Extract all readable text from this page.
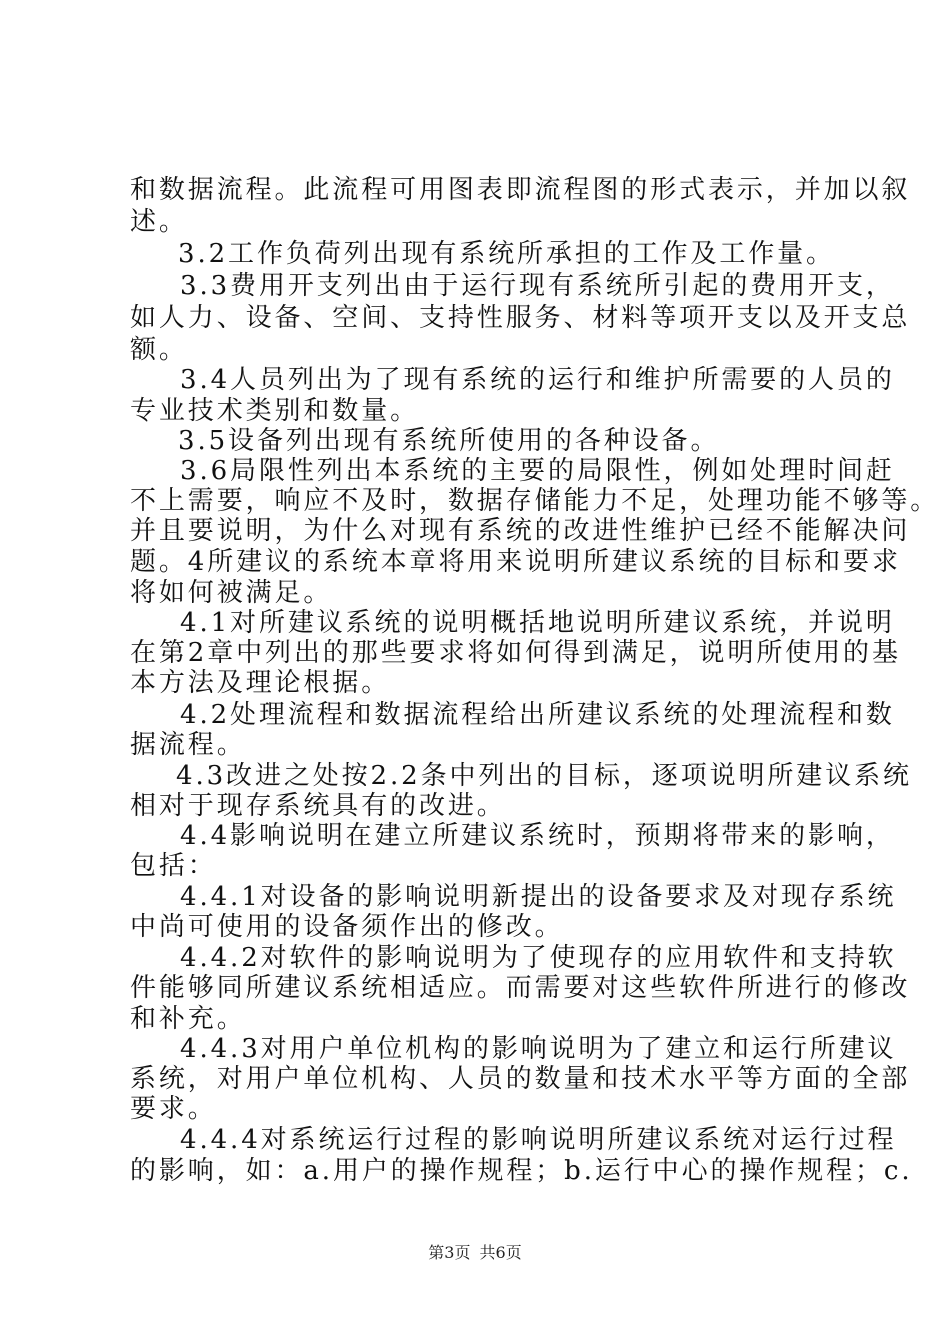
和数据流程。此流程可用图表即流程图的形式表示，并加以叙
述。
3.2工作负荷列出现有系统所承担的工作及工作量。
3.3费用开支列出由于运行现有系统所引起的费用开支，
如人力、设备、空间、支持性服务、材料等项开支以及开支总
额。
3.4人员列出为了现有系统的运行和维护所需要的人员的
专业技术类别和数量。
3.5设备列出现有系统所使用的各种设备。
3.6局限性列出本系统的主要的局限性，例如处理时间赶
不上需要，响应不及时，数据存储能力不足，处理功能不够等。
并且要说明，为什么对现有系统的改进性维护已经不能解决问
题。4所建议的系统本章将用来说明所建议系统的目标和要求
将如何被满足。
4.1对所建议系统的说明概括地说明所建议系统，并说明
在第2章中列出的那些要求将如何得到满足，说明所使用的基
本方法及理论根据。
4.2处理流程和数据流程给出所建议系统的处理流程和数
据流程。
4.3改进之处按2.2条中列出的目标，逐项说明所建议系统
相对于现存系统具有的改进。
4.4影响说明在建立所建议系统时，预期将带来的影响，
包括：
4.4.1对设备的影响说明新提出的设备要求及对现存系统
中尚可使用的设备须作出的修改。
4.4.2对软件的影响说明为了使现存的应用软件和支持软
件能够同所建议系统相适应。而需要对这些软件所进行的修改
和补充。
4.4.3对用户单位机构的影响说明为了建立和运行所建议
系统，对用户单位机构、人员的数量和技术水平等方面的全部
要求。
4.4.4对系统运行过程的影响说明所建议系统对运行过程
的影响，如：a.用户的操作规程；b.运行中心的操作规程；c.
第3页 共6页
